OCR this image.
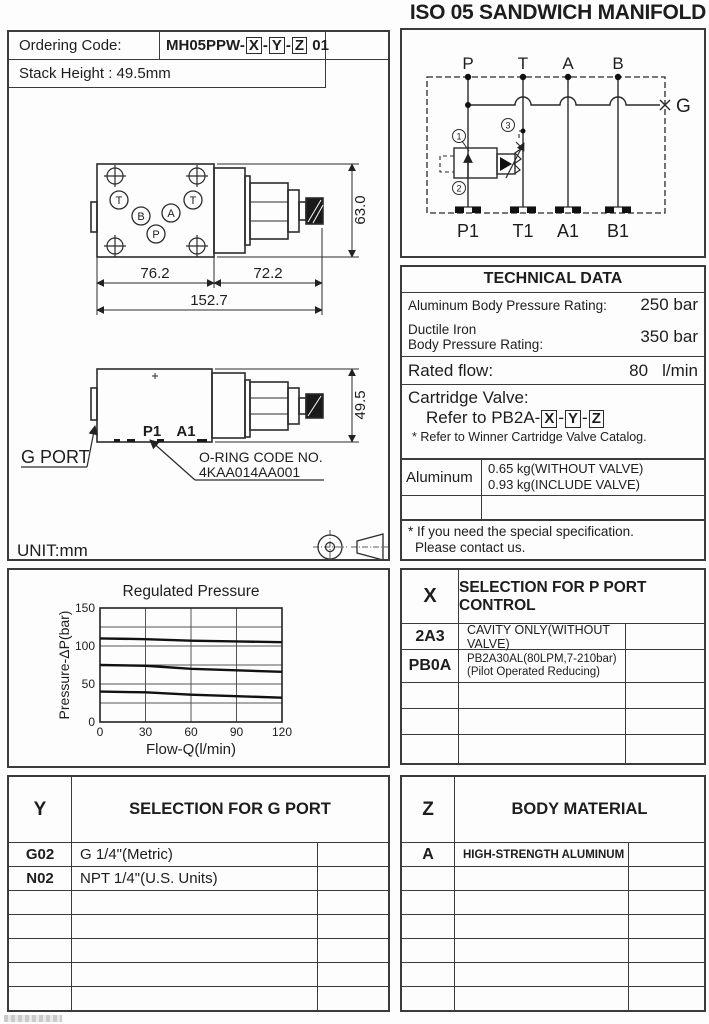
ISO 05 SANDWICH MANIFOLD
Ordering Code:	MH05PPW- X - Y - Z
01
Stack Height : 49.5mm
T	T
B A
P
76.2	72.2
152.7
63.0
P1 A1
49.5
G PORT	O-RING CODE NO.
4KAA014AA001
UNIT:mm
1
2
3
P	T A B
P1 T1 A1 B1
G
TECHNICAL DATA
Aluminum Body Pressure Rating: 250 bar
Ductile Iron
Body Pressure Rating:	350 bar
Rated flow:	80 l/min
Cartridge Valve:
Refer to PB2A- X - Y - Z
* Refer to Winner Cartridge Valve Catalog.
Aluminum
0.65 kg(WITHOUT VALVE)
0.93 kg(INCLUDE VALVE)
* If you need the special specification.
Please contact us.
0	30	60	90 120
0
50
100
150
Regulated Pressure
Flow-Q(l/min)
Pressure-ΔP(bar)
X	SELECTION FOR P PORT CONTROL
2A3	CAVITY ONLY(WITHOUT VALVE)
PB0A	PB2A30AL(80LPM,7-210bar)
(Pilot Operated Reducing)
Y	SELECTION FOR G PORT
G02	G 1/4"(Metric)
N02	NPT 1/4"(U.S. Units)
Z	BODY MATERIAL
A	HIGH-STRENGTH ALUMINUM
